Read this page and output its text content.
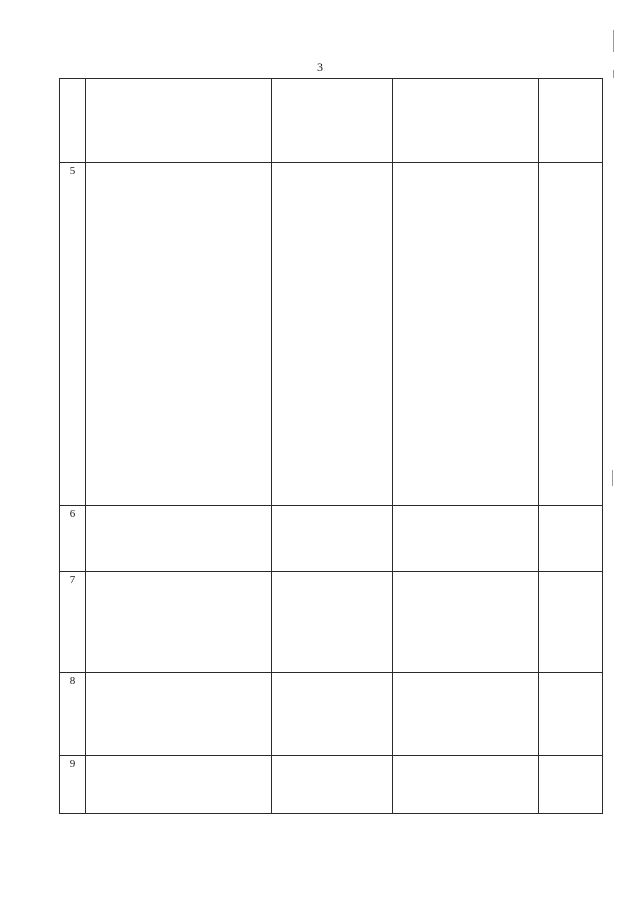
3

5	

6	

7	

8	

9	
